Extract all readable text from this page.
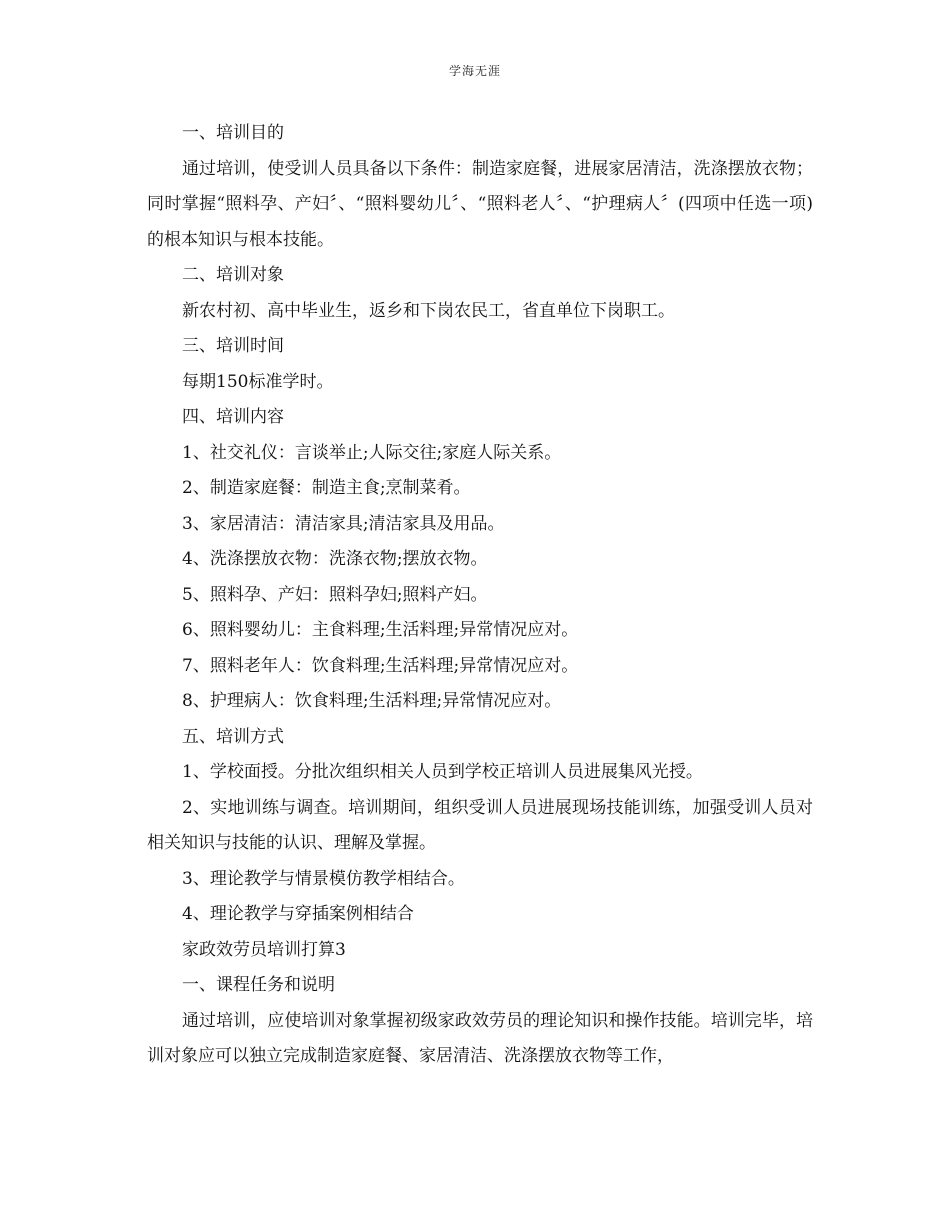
学海无涯

一、培训目的

通过培训，使受训人员具备以下条件：制造家庭餐，进展家居清洁，洗涤摆放衣物；同时掌握“照料孕、产妇〞、“照料婴幼儿〞、“照料老人〞、“护理病人〞(四项中任选一项)的根本知识与根本技能。

二、培训对象

新农村初、高中毕业生，返乡和下岗农民工，省直单位下岗职工。

三、培训时间

每期150标准学时。

四、培训内容

1、社交礼仪：言谈举止;人际交往;家庭人际关系。

2、制造家庭餐：制造主食;烹制菜肴。

3、家居清洁：清洁家具;清洁家具及用品。

4、洗涤摆放衣物：洗涤衣物;摆放衣物。

5、照料孕、产妇：照料孕妇;照料产妇。

6、照料婴幼儿：主食料理;生活料理;异常情况应对。

7、照料老年人：饮食料理;生活料理;异常情况应对。

8、护理病人：饮食料理;生活料理;异常情况应对。

五、培训方式

1、学校面授。分批次组织相关人员到学校正培训人员进展集风光授。

2、实地训练与调查。培训期间，组织受训人员进展现场技能训练，加强受训人员对相关知识与技能的认识、理解及掌握。

3、理论教学与情景模仿教学相结合。

4、理论教学与穿插案例相结合

家政效劳员培训打算3

一、课程任务和说明

通过培训，应使培训对象掌握初级家政效劳员的理论知识和操作技能。培训完毕，培训对象应可以独立完成制造家庭餐、家居清洁、洗涤摆放衣物等工作，
